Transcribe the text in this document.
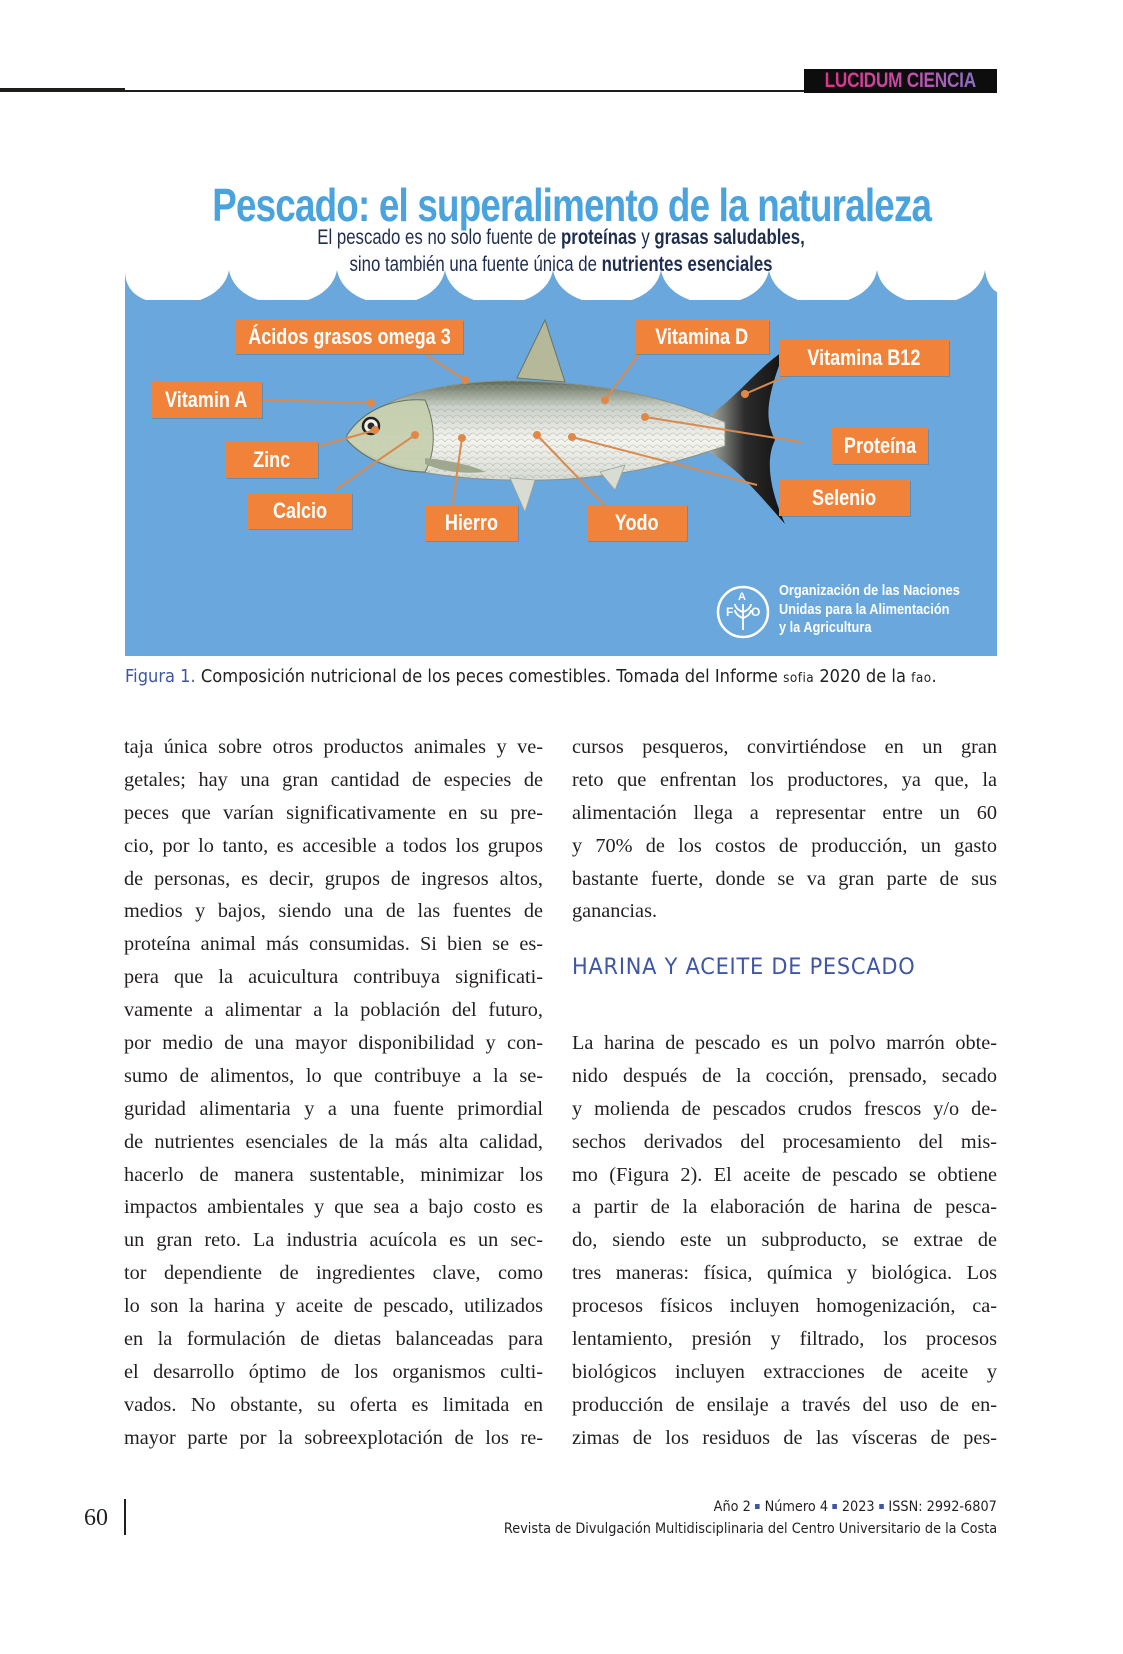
LUCIDUM CIENCIA
Pescado: el superalimento de la naturaleza
El pescado es no solo fuente de proteínas y grasas saludables,
sino también una fuente única de nutrientes esenciales
Ácidos grasos omega 3
Vitamin A
Zinc
Calcio	Hierro	Yodo
Vitamina D
Vitamina B12
Proteína
Selenio
F
A
O
Organización de las Naciones
Unidas para la Alimentación
y la Agricultura
Figura 1. Composición nutricional de los peces comestibles. Tomada del Informe sofia 2020 de la fao.
taja única sobre otros productos animales y ve-
getales; hay una gran cantidad de especies de
peces que varían significativamente en su pre-
cio, por lo tanto, es accesible a todos los grupos
de personas, es decir, grupos de ingresos altos,
medios y bajos, siendo una de las fuentes de
proteína animal más consumidas. Si bien se es-
pera que la acuicultura contribuya significati-
vamente a alimentar a la población del futuro,
por medio de una mayor disponibilidad y con-
sumo de alimentos, lo que contribuye a la se-
guridad alimentaria y a una fuente primordial
de nutrientes esenciales de la más alta calidad,
hacerlo de manera sustentable, minimizar los
impactos ambientales y que sea a bajo costo es
un gran reto. La industria acuícola es un sec-
tor dependiente de ingredientes clave, como
lo son la harina y aceite de pescado, utilizados
en la formulación de dietas balanceadas para
el desarrollo óptimo de los organismos culti-
vados. No obstante, su oferta es limitada en
mayor parte por la sobreexplotación de los re-
cursos pesqueros, convirtiéndose en un gran
reto que enfrentan los productores, ya que, la
alimentación llega a representar entre un 60
y 70% de los costos de producción, un gasto
bastante fuerte, donde se va gran parte de sus
ganancias.
HARINA Y ACEITE DE PESCADO
La harina de pescado es un polvo marrón obte-
nido después de la cocción, prensado, secado
y molienda de pescados crudos frescos y/o de-
sechos derivados del procesamiento del mis-
mo (Figura 2). El aceite de pescado se obtiene
a partir de la elaboración de harina de pesca-
do, siendo este un subproducto, se extrae de
tres maneras: física, química y biológica. Los
procesos físicos incluyen homogenización, ca-
lentamiento, presión y filtrado, los procesos
biológicos incluyen extracciones de aceite y
producción de ensilaje a través del uso de en-
zimas de los residuos de las vísceras de pes-
60	Año 2 Número 4 2023 ISSN: 2992-6807
Revista de Divulgación Multidisciplinaria del Centro Universitario de la Costa
